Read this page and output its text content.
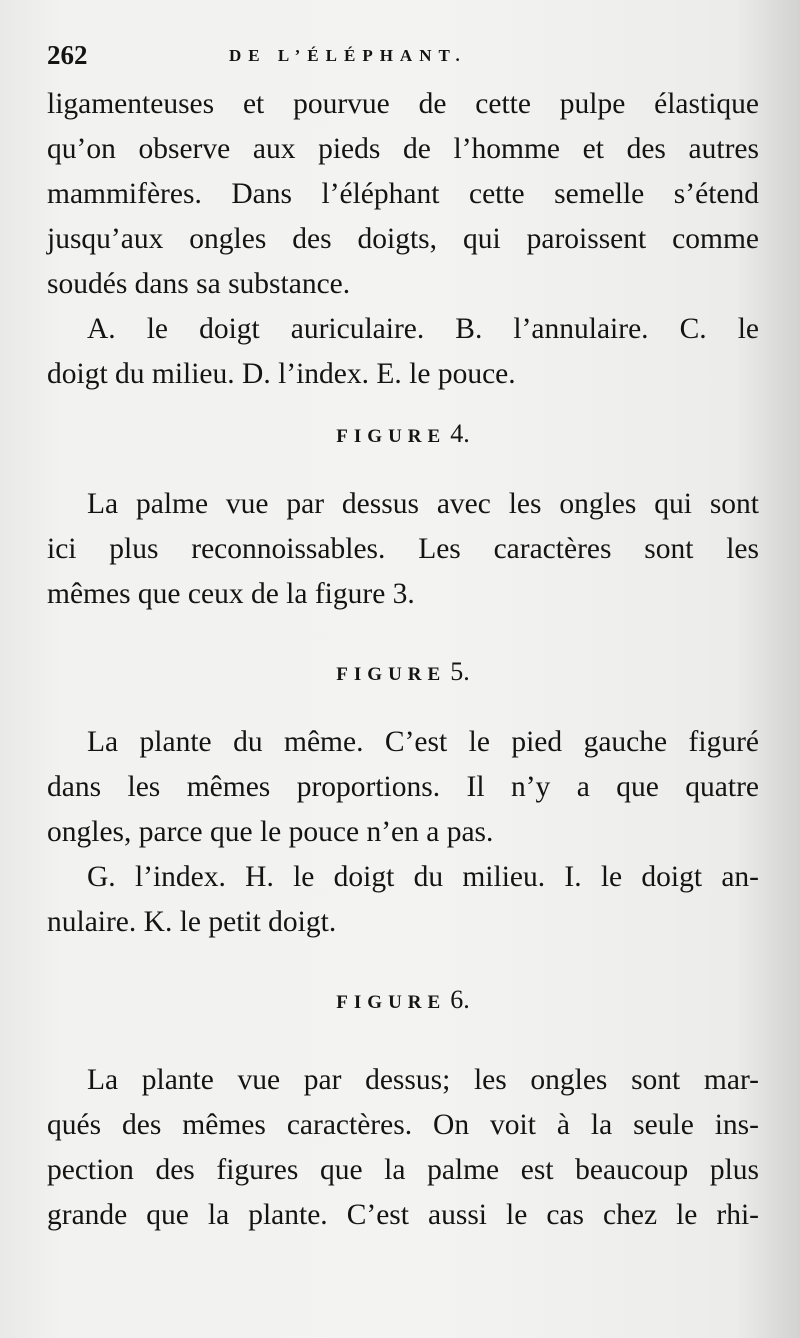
262	DE L’ÉLÉPHANT.
ligamenteuses et pourvue de cette pulpe élastique
qu’on observe aux pieds de l’homme et des autres
mammifères. Dans l’éléphant cette semelle s’étend
jusqu’aux ongles des doigts, qui paroissent comme
soudés dans sa substance.
A. le doigt auriculaire. B. l’annulaire. C. le
doigt du milieu. D. l’index. E. le pouce.
FIGURE 4.
La palme vue par dessus avec les ongles qui sont
ici plus reconnoissables. Les caractères sont les
mêmes que ceux de la figure 3.
FIGURE 5.
La plante du même. C’est le pied gauche figuré
dans les mêmes proportions. Il n’y a que quatre
ongles, parce que le pouce n’en a pas.
G. l’index. H. le doigt du milieu. I. le doigt an-
nulaire. K. le petit doigt.
FIGURE 6.
La plante vue par dessus; les ongles sont mar-
qués des mêmes caractères. On voit à la seule ins-
pection des figures que la palme est beaucoup plus
grande que la plante. C’est aussi le cas chez le rhi-
